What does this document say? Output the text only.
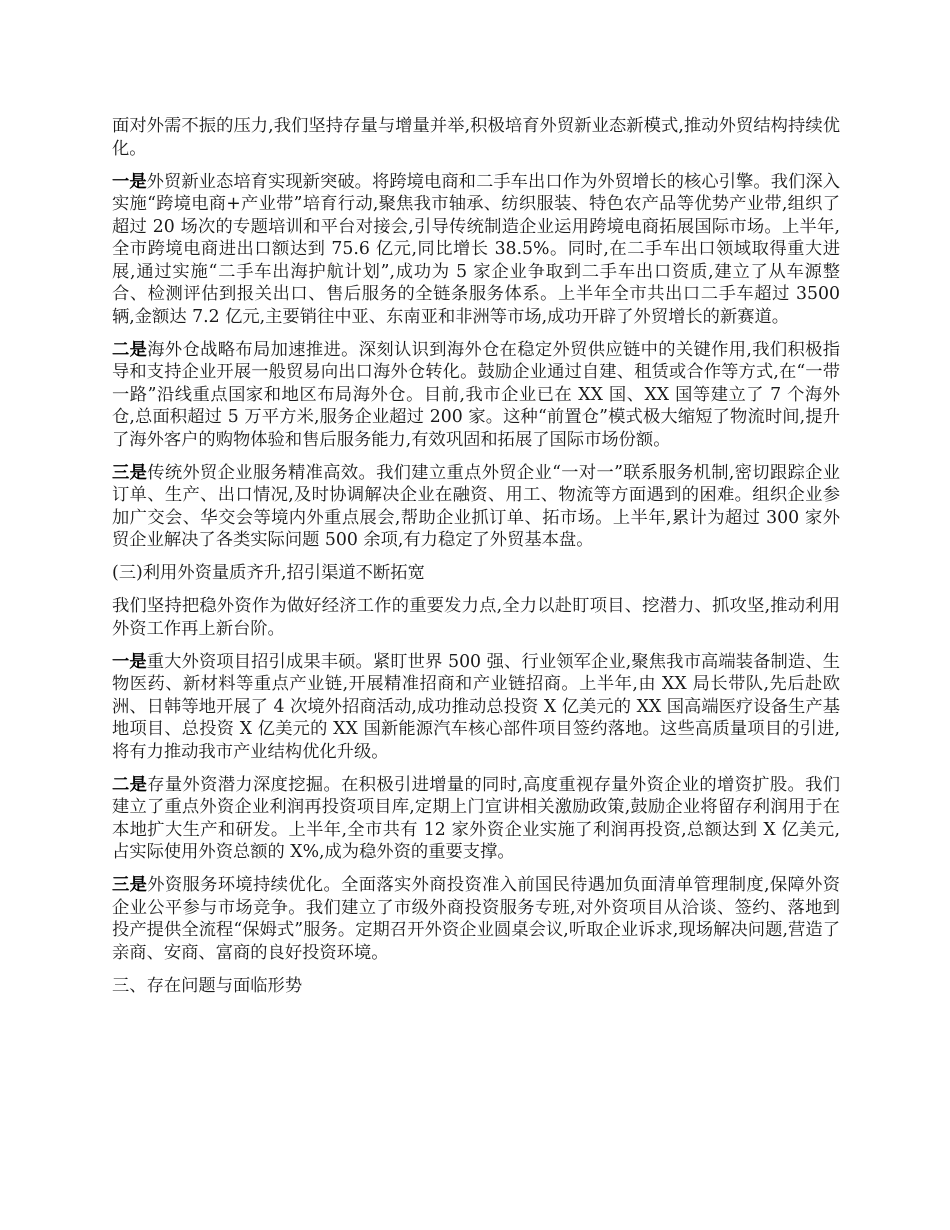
面对外需不振的压力,我们坚持存量与增量并举,积极培育外贸新业态新模式,推动外贸结构持续优化。

一是外贸新业态培育实现新突破。将跨境电商和二手车出口作为外贸增长的核心引擎。我们深入实施“跨境电商+产业带”培育行动,聚焦我市轴承、纺织服装、特色农产品等优势产业带,组织了超过 20 场次的专题培训和平台对接会,引导传统制造企业运用跨境电商拓展国际市场。上半年,全市跨境电商进出口额达到 75.6 亿元,同比增长 38.5%。同时,在二手车出口领域取得重大进展,通过实施“二手车出海护航计划”,成功为 5 家企业争取到二手车出口资质,建立了从车源整合、检测评估到报关出口、售后服务的全链条服务体系。上半年全市共出口二手车超过 3500 辆,金额达 7.2 亿元,主要销往中亚、东南亚和非洲等市场,成功开辟了外贸增长的新赛道。

二是海外仓战略布局加速推进。深刻认识到海外仓在稳定外贸供应链中的关键作用,我们积极指导和支持企业开展一般贸易向出口海外仓转化。鼓励企业通过自建、租赁或合作等方式,在“一带一路”沿线重点国家和地区布局海外仓。目前,我市企业已在 XX 国、XX 国等建立了 7 个海外仓,总面积超过 5 万平方米,服务企业超过 200 家。这种“前置仓”模式极大缩短了物流时间,提升了海外客户的购物体验和售后服务能力,有效巩固和拓展了国际市场份额。

三是传统外贸企业服务精准高效。我们建立重点外贸企业“一对一”联系服务机制,密切跟踪企业订单、生产、出口情况,及时协调解决企业在融资、用工、物流等方面遇到的困难。组织企业参加广交会、华交会等境内外重点展会,帮助企业抓订单、拓市场。上半年,累计为超过 300 家外贸企业解决了各类实际问题 500 余项,有力稳定了外贸基本盘。

(三)利用外资量质齐升,招引渠道不断拓宽

我们坚持把稳外资作为做好经济工作的重要发力点,全力以赴盯项目、挖潜力、抓攻坚,推动利用外资工作再上新台阶。

一是重大外资项目招引成果丰硕。紧盯世界 500 强、行业领军企业,聚焦我市高端装备制造、生物医药、新材料等重点产业链,开展精准招商和产业链招商。上半年,由 XX 局长带队,先后赴欧洲、日韩等地开展了 4 次境外招商活动,成功推动总投资 X 亿美元的 XX 国高端医疗设备生产基地项目、总投资 X 亿美元的 XX 国新能源汽车核心部件项目签约落地。这些高质量项目的引进,将有力推动我市产业结构优化升级。

二是存量外资潜力深度挖掘。在积极引进增量的同时,高度重视存量外资企业的增资扩股。我们建立了重点外资企业利润再投资项目库,定期上门宣讲相关激励政策,鼓励企业将留存利润用于在本地扩大生产和研发。上半年,全市共有 12 家外资企业实施了利润再投资,总额达到 X 亿美元,占实际使用外资总额的 X%,成为稳外资的重要支撑。

三是外资服务环境持续优化。全面落实外商投资准入前国民待遇加负面清单管理制度,保障外资企业公平参与市场竞争。我们建立了市级外商投资服务专班,对外资项目从洽谈、签约、落地到投产提供全流程“保姆式”服务。定期召开外资企业圆桌会议,听取企业诉求,现场解决问题,营造了亲商、安商、富商的良好投资环境。

三、存在问题与面临形势
